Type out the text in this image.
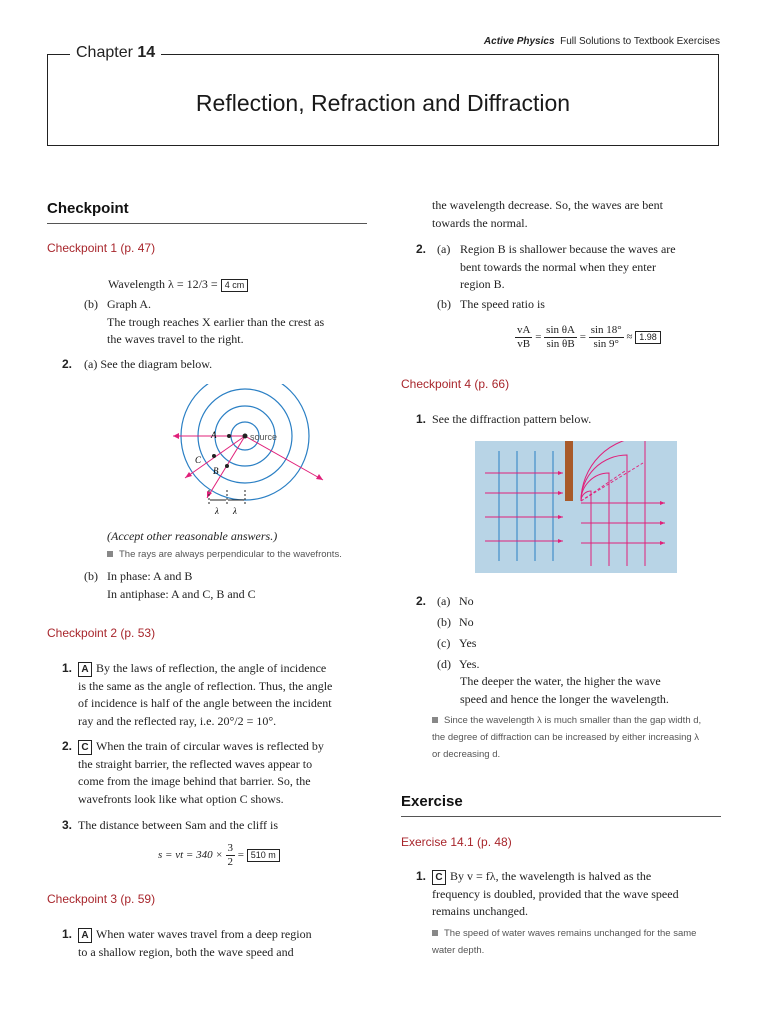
Active Physics Full Solutions to Textbook Exercises
Chapter 14
Reflection, Refraction and Diffraction
Checkpoint
Checkpoint 1 (p. 47)
Wavelength λ = 12/3 = 4 cm
(b) Graph A.
The trough reaches X earlier than the crest as
the waves travel to the right.
2. (a) See the diagram below.
A
B
C
source
λ λ
(Accept other reasonable answers.)
The rays are always perpendicular to the wavefronts.
(b) In phase: A and B
In antiphase: A and C, B and C
Checkpoint 2 (p. 53)
1. A By the laws of reflection, the angle of incidence
is the same as the angle of reflection. Thus, the angle
of incidence is half of the angle between the incident
ray and the reflected ray, i.e. 20°/2 = 10°.
2. C When the train of circular waves is reflected by
the straight barrier, the reflected waves appear to
come from the image behind that barrier. So, the
wavefronts look like what option C shows.
3. The distance between Sam and the cliff is
s = vt = $340 \times \frac{3}{2} = 510$ m
Checkpoint 3 (p. 59)
1. A When water waves travel from a deep region
to a shallow region, both the wave speed and
the wavelength decrease. So, the waves are bent
towards the normal.
2. (a) Region B is shallower because the waves are
bent towards the normal when they enter
region B.
(b) The speed ratio is
$\frac{vA}{vB} = \frac{\text{sin θA}}{\text{sin θB}} = \frac{\sin 18^\circ}{\sin 9^\circ} \approx 1.98$
Checkpoint 4 (p. 66)
1. See the diffraction pattern below.
2. (a) No
(b) No
(c) Yes
(d) Yes.
The deeper the water, the higher the wave
speed and hence the longer the wavelength.
Since the wavelength λ is much smaller than the gap width d,
the degree of diffraction can be increased by either increasing λ
or decreasing d.
Exercise
Exercise 14.1 (p. 48)
1. C By v = fλ, the wavelength is halved as the
frequency is doubled, provided that the wave speed
remains unchanged.
The speed of water waves remains unchanged for the same
water depth.
